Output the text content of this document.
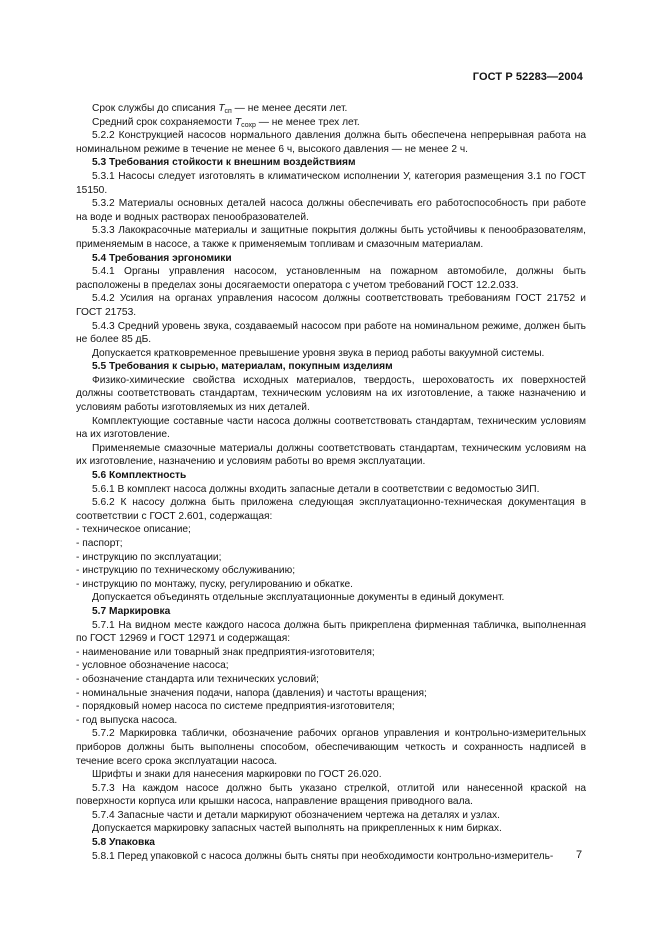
ГОСТ Р 52283—2004

Срок службы до списания $T_{сп}$ — не менее десяти лет.

Средний срок сохраняемости $T_{сохр}$ — не менее трех лет.

5.2.2 Конструкцией насосов нормального давления должна быть обеспечена непрерывная работа на номинальном режиме в течение не менее 6 ч, высокого давления — не менее 2 ч.

5.3 Требования стойкости к внешним воздействиям

5.3.1 Насосы следует изготовлять в климатическом исполнении У, категория размещения 3.1 по ГОСТ 15150.

5.3.2 Материалы основных деталей насоса должны обеспечивать его работоспособность при работе на воде и водных растворах пенообразователей.

5.3.3 Лакокрасочные материалы и защитные покрытия должны быть устойчивы к пенообразователям, применяемым в насосе, а также к применяемым топливам и смазочным материалам.

5.4 Требования эргономики

5.4.1 Органы управления насосом, установленным на пожарном автомобиле, должны быть расположены в пределах зоны досягаемости оператора с учетом требований ГОСТ 12.2.033.

5.4.2 Усилия на органах управления насосом должны соответствовать требованиям ГОСТ 21752 и ГОСТ 21753.

5.4.3 Средний уровень звука, создаваемый насосом при работе на номинальном режиме, должен быть не более 85 дБ.

Допускается кратковременное превышение уровня звука в период работы вакуумной системы.

5.5 Требования к сырью, материалам, покупным изделиям

Физико-химические свойства исходных материалов, твердость, шероховатость их поверхностей должны соответствовать стандартам, техническим условиям на их изготовление, а также назначению и условиям работы изготовляемых из них деталей.

Комплектующие составные части насоса должны соответствовать стандартам, техническим условиям на их изготовление.

Применяемые смазочные материалы должны соответствовать стандартам, техническим условиям на их изготовление, назначению и условиям работы во время эксплуатации.

5.6 Комплектность

5.6.1 В комплект насоса должны входить запасные детали в соответствии с ведомостью ЗИП.

5.6.2 К насосу должна быть приложена следующая эксплуатационно-техническая документация в соответствии с ГОСТ 2.601, содержащая:

- техническое описание;

- паспорт;

- инструкцию по эксплуатации;

- инструкцию по техническому обслуживанию;

- инструкцию по монтажу, пуску, регулированию и обкатке.

Допускается объединять отдельные эксплуатационные документы в единый документ.

5.7 Маркировка

5.7.1 На видном месте каждого насоса должна быть прикреплена фирменная табличка, выполненная по ГОСТ 12969 и ГОСТ 12971 и содержащая:

- наименование или товарный знак предприятия-изготовителя;

- условное обозначение насоса;

- обозначение стандарта или технических условий;

- номинальные значения подачи, напора (давления) и частоты вращения;

- порядковый номер насоса по системе предприятия-изготовителя;

- год выпуска насоса.

5.7.2 Маркировка таблички, обозначение рабочих органов управления и контрольно-измерительных приборов должны быть выполнены способом, обеспечивающим четкость и сохранность надписей в течение всего срока эксплуатации насоса.

Шрифты и знаки для нанесения маркировки по ГОСТ 26.020.

5.7.3 На каждом насосе должно быть указано стрелкой, отлитой или нанесенной краской на поверхности корпуса или крышки насоса, направление вращения приводного вала.

5.7.4 Запасные части и детали маркируют обозначением чертежа на деталях и узлах.

Допускается маркировку запасных частей выполнять на прикрепленных к ним бирках.

5.8 Упаковка

5.8.1 Перед упаковкой с насоса должны быть сняты при необходимости контрольно-измеритель-	7
